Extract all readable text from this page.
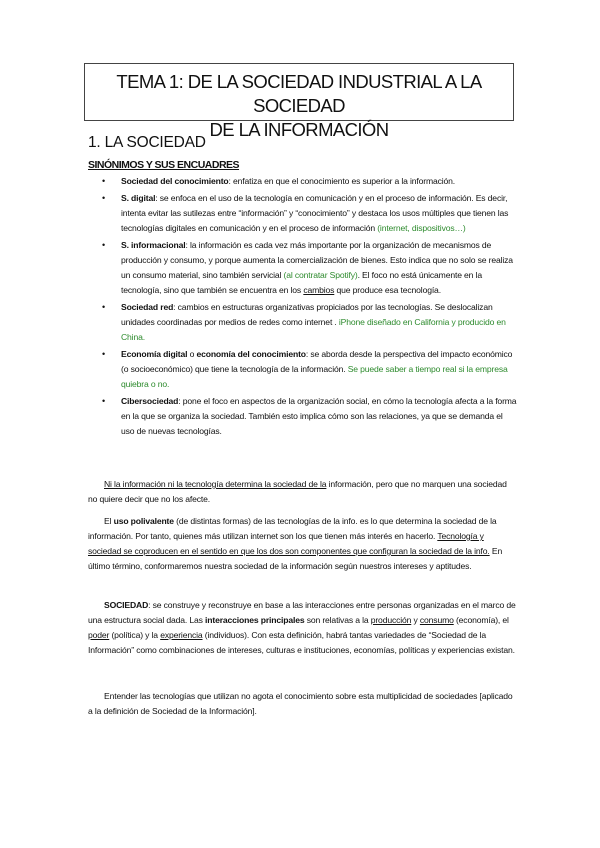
TEMA 1: DE LA SOCIEDAD INDUSTRIAL A LA SOCIEDAD
DE LA INFORMACIÓN
1. LA SOCIEDAD
SINÓNIMOS Y SUS ENCUADRES
• Sociedad del conocimiento: enfatiza en que el conocimiento es superior a la información.
• S. digital: se enfoca en el uso de la tecnología en comunicación y en el proceso de información. Es decir, intenta evitar las sutilezas entre “información” y “conocimiento” y destaca los usos múltiples que tienen las tecnologías digitales en comunicación y en el proceso de información (internet, dispositivos…)
• S. informacional: la información es cada vez más importante por la organización de mecanismos de producción y consumo, y porque aumenta la comercialización de bienes. Esto indica que no solo se realiza un consumo material, sino también servicial (al contratar Spotify). El foco no está únicamente en la tecnología, sino que también se encuentra en los cambios que produce esa tecnología.
• Sociedad red: cambios en estructuras organizativas propiciados por las tecnologías. Se deslocalizan unidades coordinadas por medios de redes como internet . iPhone diseñado en California y producido en China.
• Economía digital o economía del conocimiento: se aborda desde la perspectiva del impacto económico (o socioeconómico) que tiene la tecnología de la información. Se puede saber a tiempo real si la empresa quiebra o no.
• Cibersociedad: pone el foco en aspectos de la organización social, en cómo la tecnología afecta a la forma en la que se organiza la sociedad. También esto implica cómo son las relaciones, ya que se demanda el uso de nuevas tecnologías.

Ni la información ni la tecnología determina la sociedad de la información, pero que no marquen una sociedad no quiere decir que no los afecte.

El uso polivalente (de distintas formas) de las tecnologías de la info. es lo que determina la sociedad de la información. Por tanto, quienes más utilizan internet son los que tienen más interés en hacerlo. Tecnología y sociedad se coproducen en el sentido en que los dos son componentes que configuran la sociedad de la info. En último término, conformaremos nuestra sociedad de la información según nuestros intereses y aptitudes.

SOCIEDAD: se construye y reconstruye en base a las interacciones entre personas organizadas en el marco de una estructura social dada. Las interacciones principales son relativas a la producción y consumo (economía), el poder (política) y la experiencia (individuos). Con esta definición, habrá tantas variedades de “Sociedad de la Información” como combinaciones de intereses, culturas e instituciones, economías, políticas y experiencias existan.

Entender las tecnologías que utilizan no agota el conocimiento sobre esta multiplicidad de sociedades [aplicado a la definición de Sociedad de la Información].
